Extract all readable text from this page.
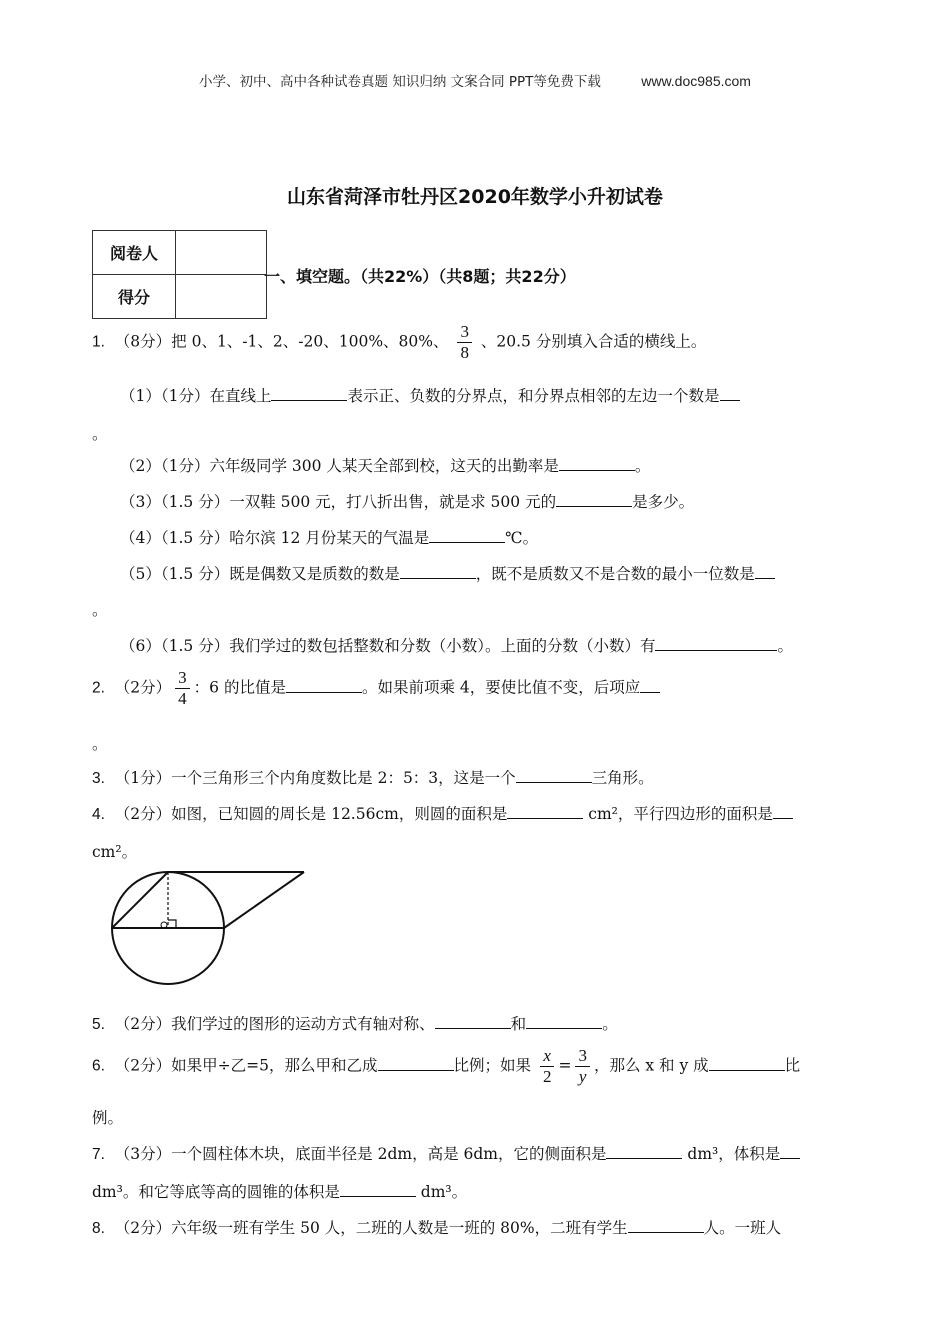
小学、初中、高中各种试卷真题 知识归纳 文案合同 PPT等免费下载	www.doc985.com
山东省菏泽市牡丹区2020年数学小升初试卷
阅卷人	
得分	
一、填空题。（共22%）（共8题；共22分）
1. （8分）把 0、1、-1、2、-20、100%、80%、 $\frac{3}{8}$ 、20.5 分别填入合适的横线上。
（1）（1分）在直线上	表示正、负数的分界点，和分界点相邻的左边一个数是
。
（2）（1分）六年级同学 300 人某天全部到校，这天的出勤率是	。
（3）（1.5 分）一双鞋 500 元，打八折出售，就是求 500 元的	是多少。
（4）（1.5 分）哈尔滨 12 月份某天的气温是	℃。
（5）（1.5 分）既是偶数又是质数的数是	，既不是质数又不是合数的最小一位数是
。
（6）（1.5 分）我们学过的数包括整数和分数（小数）。上面的分数（小数）有	。
2. （2分） $\frac{3}{4}$ ：6 的比值是	。如果前项乘 4，要使比值不变，后项应
。
3. （1分）一个三角形三个内角度数比是 2：5：3，这是一个	三角形。
4. （2分）如图，已知圆的周长是 12.56cm，则圆的面积是	cm²，平行四边形的面积是
cm²。
5. （2分）我们学过的图形的运动方式有轴对称、	和	。
6. （2分）如果甲÷乙=5，那么甲和乙成	比例；如果 $\frac{x}{2} = \frac{3}{y}$ ，那么 x 和 y 成	比
例。
7. （3分）一个圆柱体木块，底面半径是 2dm，高是 6dm，它的侧面积是	dm³，体积是
dm³。和它等底等高的圆锥的体积是	dm³。
8. （2分）六年级一班有学生 50 人，二班的人数是一班的 80%，二班有学生	人。一班人
